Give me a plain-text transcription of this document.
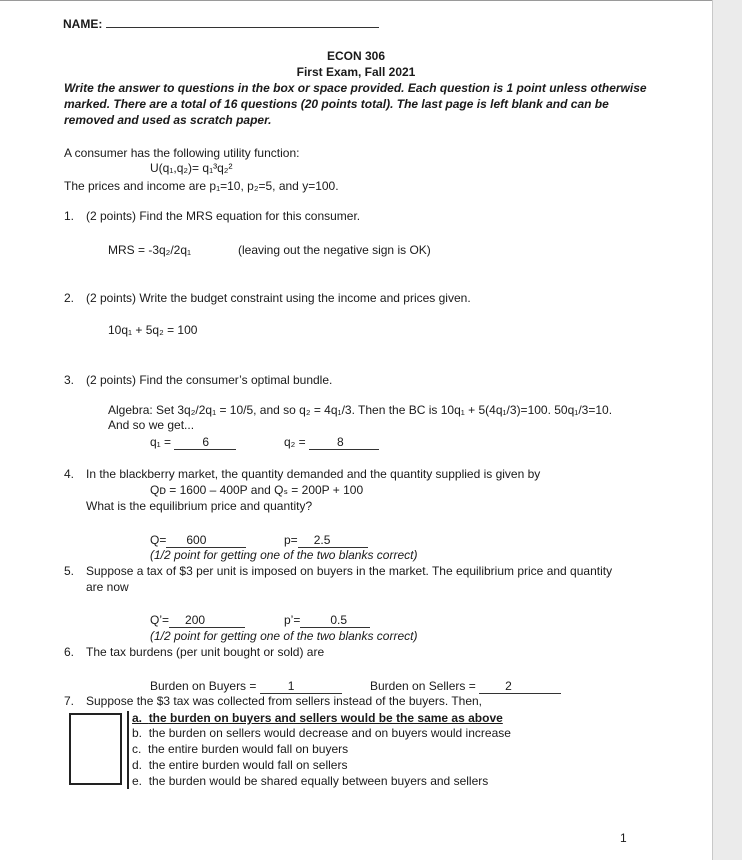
NAME:
ECON 306
First Exam, Fall 2021
Write the answer to questions in the box or space provided. Each question is 1 point unless otherwise
marked. There are a total of 16 questions (20 points total). The last page is left blank and can be
removed and used as scratch paper.
A consumer has the following utility function:
U(q₁,q₂)= q₁³q₂²
The prices and income are p₁=10, p₂=5, and y=100.
1. (2 points) Find the MRS equation for this consumer.
MRS = -3q₂/2q₁	(leaving out the negative sign is OK)
2. (2 points) Write the budget constraint using the income and prices given.
10q₁ + 5q₂ = 100
3. (2 points) Find the consumer’s optimal bundle.
Algebra: Set 3q₂/2q₁ = 10/5, and so q₂ = 4q₁/3. Then the BC is 10q₁ + 5(4q₁/3)=100. 50q₁/3=10.
And so we get...
q₁ =	6	q₂ =	8
4. In the blackberry market, the quantity demanded and the quantity supplied is given by
Qᴅ = 1600 – 400P and Qₛ = 200P + 100
What is the equilibrium price and quantity?
Q= 600	p= 2.5
(1/2 point for getting one of the two blanks correct)
5. Suppose a tax of $3 per unit is imposed on buyers in the market. The equilibrium price and quantity
are now
Q’= 200	p’=	0.5
(1/2 point for getting one of the two blanks correct)
6. The tax burdens (per unit bought or sold) are
Burden on Buyers =	1	Burden on Sellers = 2
7. Suppose the $3 tax was collected from sellers instead of the buyers. Then,
a. the burden on buyers and sellers would be the same as above
b. the burden on sellers would decrease and on buyers would increase
c. the entire burden would fall on buyers
d. the entire burden would fall on sellers
e. the burden would be shared equally between buyers and sellers
1
